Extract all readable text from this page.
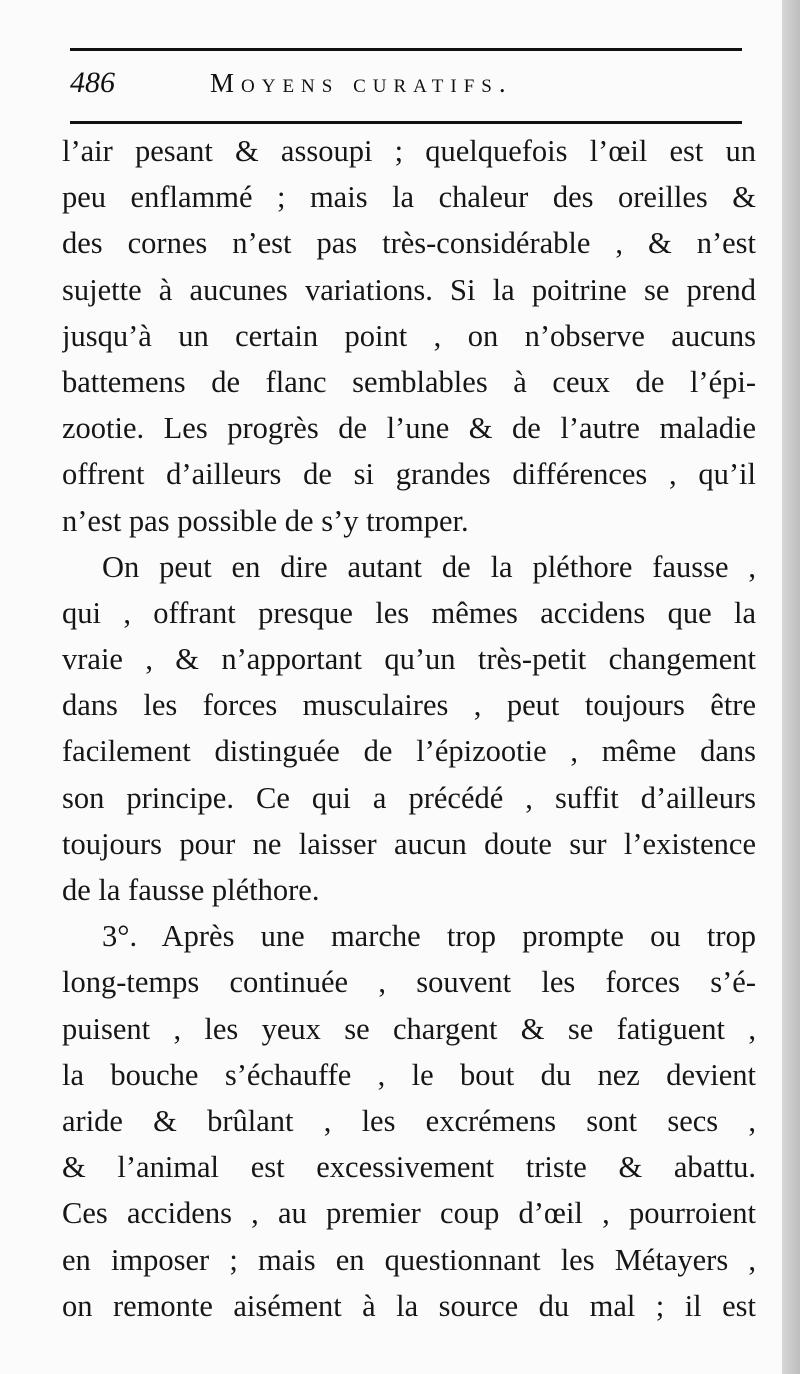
486	Moyens curatifs.
l’air pesant & assoupi ; quelquefois l’œil est un
peu enflammé ; mais la chaleur des oreilles &
des cornes n’est pas très-considérable , & n’est
sujette à aucunes variations. Si la poitrine se prend
jusqu’à un certain point , on n’observe aucuns
battemens de flanc semblables à ceux de l’épi-
zootie. Les progrès de l’une & de l’autre maladie
offrent d’ailleurs de si grandes différences , qu’il
n’est pas possible de s’y tromper.
On peut en dire autant de la pléthore fausse ,
qui , offrant presque les mêmes accidens que la
vraie , & n’apportant qu’un très-petit changement
dans les forces musculaires , peut toujours être
facilement distinguée de l’épizootie , même dans
son principe. Ce qui a précédé , suffit d’ailleurs
toujours pour ne laisser aucun doute sur l’existence
de la fausse pléthore.
3°. Après une marche trop prompte ou trop
long-temps continuée , souvent les forces s’é-
puisent , les yeux se chargent & se fatiguent ,
la bouche s’échauffe , le bout du nez devient
aride & brûlant , les excrémens sont secs ,
& l’animal est excessivement triste & abattu.
Ces accidens , au premier coup d’œil , pourroient
en imposer ; mais en questionnant les Métayers ,
on remonte aisément à la source du mal ; il est
